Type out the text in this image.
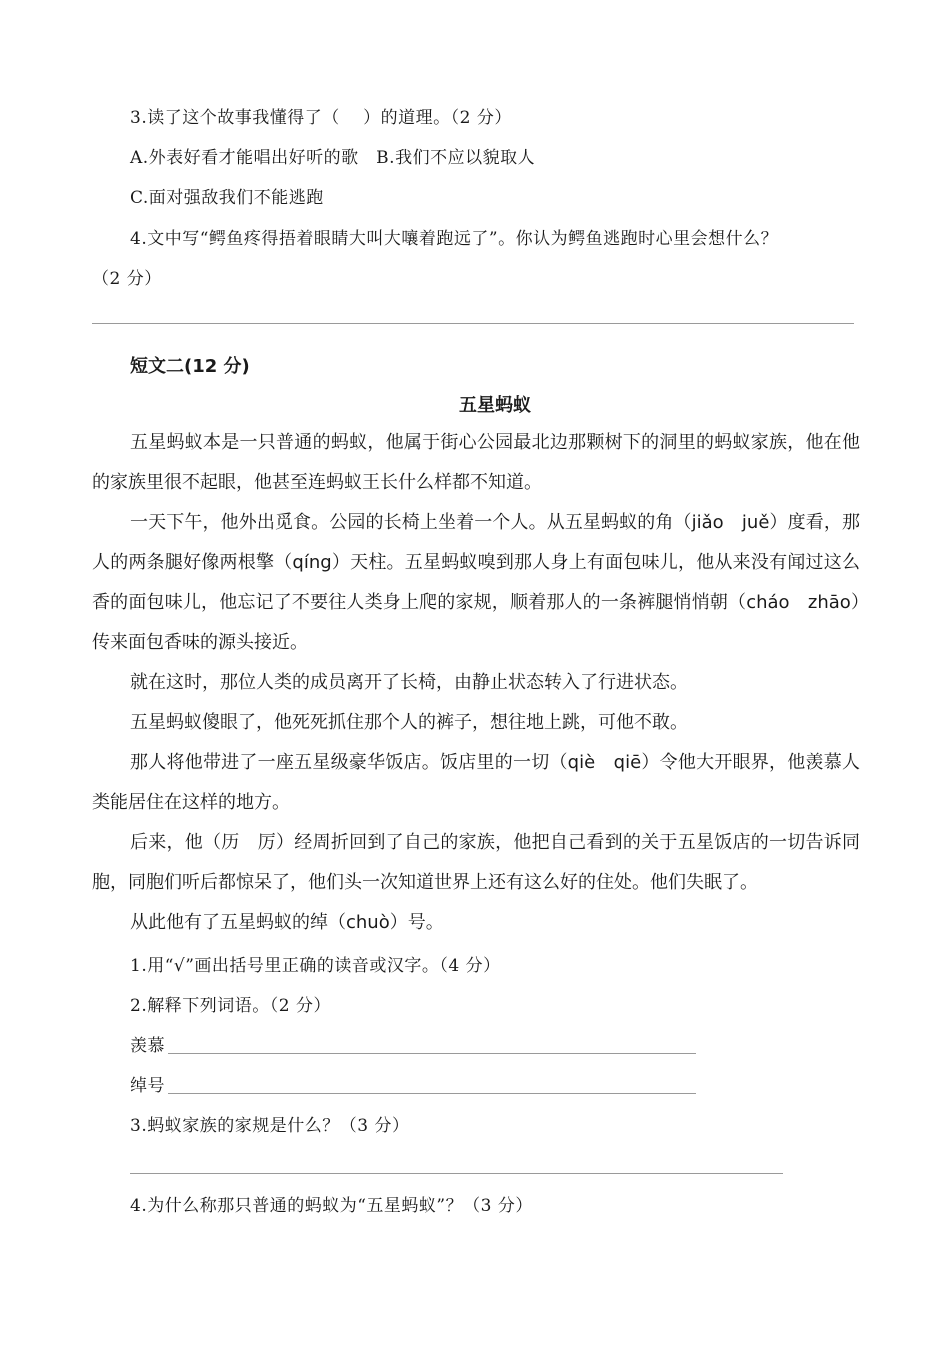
3.读了这个故事我懂得了（　 ）的道理。（2 分）
A.外表好看才能唱出好听的歌　B.我们不应以貌取人
C.面对强敌我们不能逃跑
4.文中写“鳄鱼疼得捂着眼睛大叫大嚷着跑远了”。你认为鳄鱼逃跑时心里会想什么？
（2 分）
短文二(12 分)
五星蚂蚁
五星蚂蚁本是一只普通的蚂蚁，他属于街心公园最北边那颗树下的洞里的蚂蚁家族，他在他的家族里很不起眼，他甚至连蚂蚁王长什么样都不知道。
一天下午，他外出觅食。公园的长椅上坐着一个人。从五星蚂蚁的角（jiǎo　juě）度看，那人的两条腿好像两根擎（qíng）天柱。五星蚂蚁嗅到那人身上有面包味儿，他从来没有闻过这么香的面包味儿，他忘记了不要往人类身上爬的家规，顺着那人的一条裤腿悄悄朝（cháo　zhāo）传来面包香味的源头接近。
就在这时，那位人类的成员离开了长椅，由静止状态转入了行进状态。
五星蚂蚁傻眼了，他死死抓住那个人的裤子，想往地上跳，可他不敢。
那人将他带进了一座五星级豪华饭店。饭店里的一切（qiè　qiē）令他大开眼界，他羡慕人类能居住在这样的地方。
后来，他（历　厉）经周折回到了自己的家族，他把自己看到的关于五星饭店的一切告诉同胞，同胞们听后都惊呆了，他们头一次知道世界上还有这么好的住处。他们失眠了。
从此他有了五星蚂蚁的绰（chuò）号。
1.用“√”画出括号里正确的读音或汉字。（4 分）
2.解释下列词语。（2 分）
羡慕
绰号
3.蚂蚁家族的家规是什么？（3 分）
4.为什么称那只普通的蚂蚁为“五星蚂蚁”？（3 分）
